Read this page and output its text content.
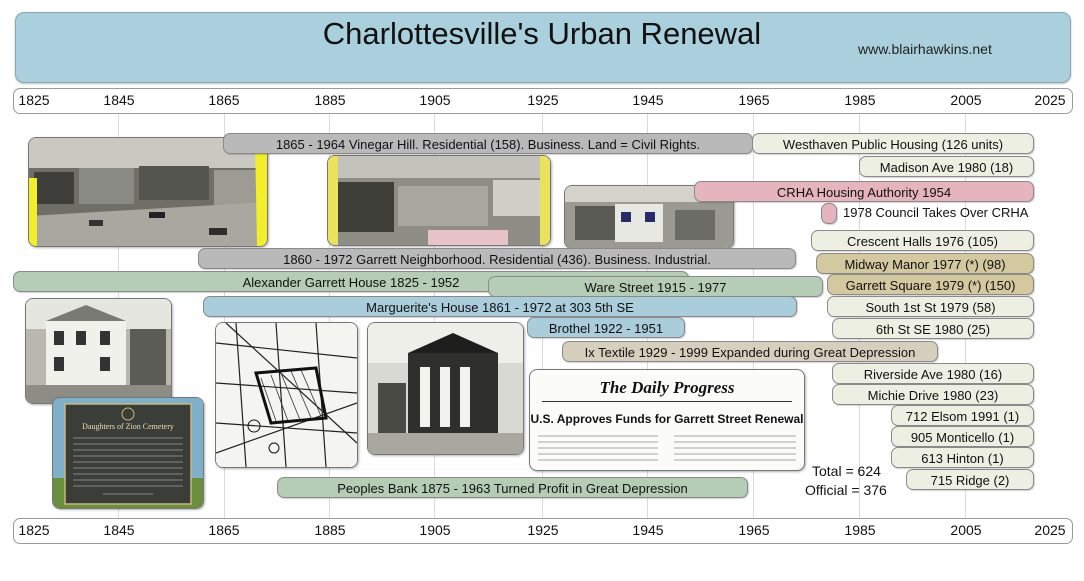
Charlottesville's Urban Renewal	www.blairhawkins.net
1825	1845	1865	1885	1905	1925	1945	1965	1985	2005	2025
1825	1845	1865	1885	1905	1925	1945	1965	1985	2005	2025
Daughters of Zion Cemetery
The Daily Progress
U.S. Approves Funds for Garrett Street Renewal
1865 - 1964 Vinegar Hill. Residential (158). Business. Land = Civil Rights.
1860 - 1972 Garrett Neighborhood. Residential (436). Business. Industrial.
Alexander Garrett House 1825 - 1952	Ware Street 1915 - 1977
Marguerite's House 1861 - 1972 at 303 5th SE
Brothel 1922 - 1951
Ix Textile 1929 - 1999 Expanded during Great Depression
Peoples Bank 1875 - 1963 Turned Profit in Great Depression
Westhaven Public Housing (126 units)
Madison Ave 1980 (18)
CRHA Housing Authority 1954
1978 Council Takes Over CRHA
Crescent Halls 1976 (105)
Midway Manor 1977 (*) (98)
Garrett Square 1979 (*) (150)
South 1st St 1979 (58)
6th St SE 1980 (25)
Riverside Ave 1980 (16)
Michie Drive 1980 (23)
712 Elsom 1991 (1)
905 Monticello (1)
613 Hinton (1)
715 Ridge (2)
Total = 624
Official = 376
